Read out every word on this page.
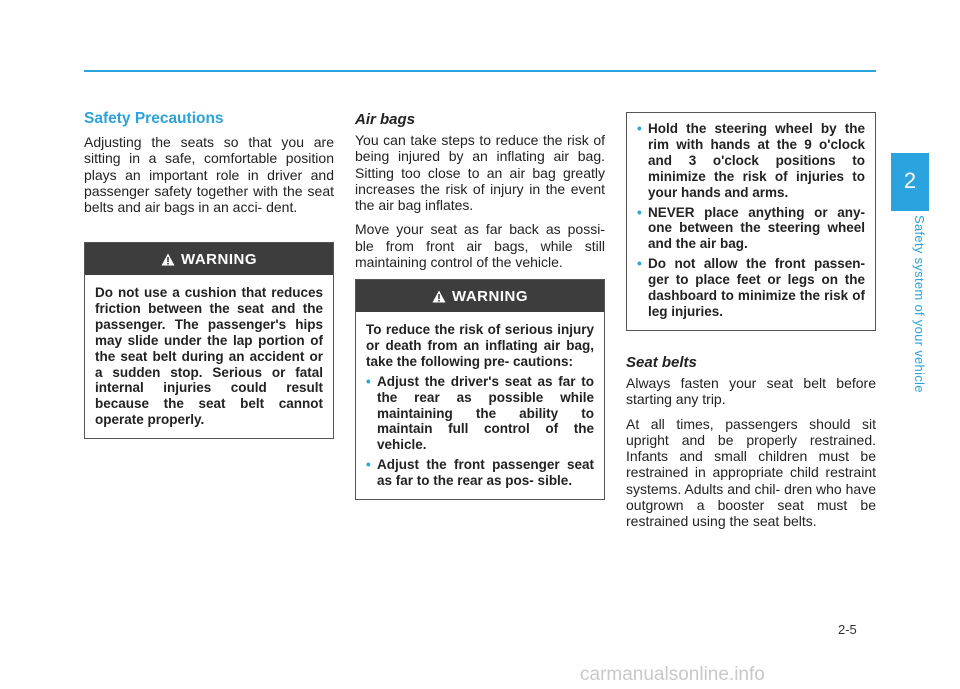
2
Safety system of your vehicle
Safety Precautions

Adjusting the seats so that you are sitting in a safe, comfortable position plays an important role in driver and passenger safety together with the seat belts and air bags in an acci- dent.

WARNING

Do not use a cushion that reduces friction between the seat and the passenger. The passenger's hips may slide under the lap portion of the seat belt during an accident or a sudden stop. Serious or fatal internal injuries could result because the seat belt cannot operate properly.

Air bags

You can take steps to reduce the risk of being injured by an inflating air bag. Sitting too close to an air bag greatly increases the risk of injury in the event the air bag inflates.

Move your seat as far back as possi- ble from front air bags, while still maintaining control of the vehicle.

WARNING

To reduce the risk of serious injury or death from an inflating air bag, take the following pre- cautions:

• Adjust the driver's seat as far to the rear as possible while maintaining the ability to maintain full control of the vehicle.
• Adjust the front passenger seat as far to the rear as pos- sible.
• Hold the steering wheel by the rim with hands at the 9 o'clock and 3 o'clock positions to minimize the risk of injuries to your hands and arms.
• NEVER place anything or any- one between the steering wheel and the air bag.
• Do not allow the front passen- ger to place feet or legs on the dashboard to minimize the risk of leg injuries.
Seat belts

Always fasten your seat belt before starting any trip.

At all times, passengers should sit upright and be properly restrained. Infants and small children must be restrained in appropriate child restraint systems. Adults and chil- dren who have outgrown a booster seat must be restrained using the seat belts.

2-5
carmanualsonline.info
